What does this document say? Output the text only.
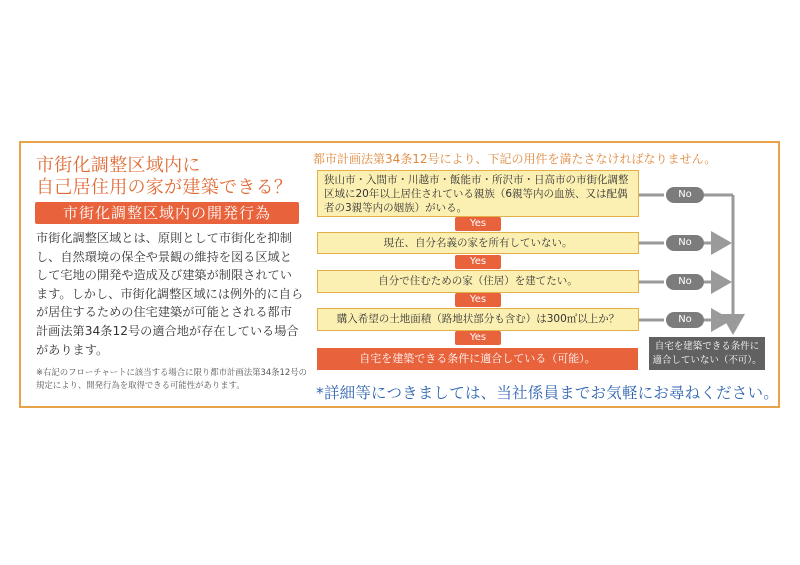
市街化調整区域内に
自己居住用の家が建築できる？
市街化調整区域内の開発行為
市街化調整区域とは、原則として市街化を抑制し、自然環境の保全や景観の維持を図る区域として宅地の開発や造成及び建築が制限されています。しかし、市街化調整区域には例外的に自らが居住するための住宅建築が可能とされる都市計画法第34条12号の適合地が存在している場合があります。
※右記のフローチャートに該当する場合に限り都市計画法第34条12号の規定により、開発行為を取得できる可能性があります。
都市計画法第34条12号により、下記の用件を満たさなければなりません。
狭山市・入間市・川越市・飯能市・所沢市・日高市の市街化調整区域に20年以上居住されている親族（6親等内の血族、又は配偶者の3親等内の姻族）がいる。
Yes
現在、自分名義の家を所有していない。
Yes
自分で住むための家（住居）を建てたい。
Yes
購入希望の土地面積（路地状部分も含む）は300㎡以上か？
Yes
No
No
No
No
自宅を建築できる条件に適合している（可能）。
自宅を建築できる条件に
適合していない（不可）。
*詳細等につきましては、当社係員までお気軽にお尋ねください。
